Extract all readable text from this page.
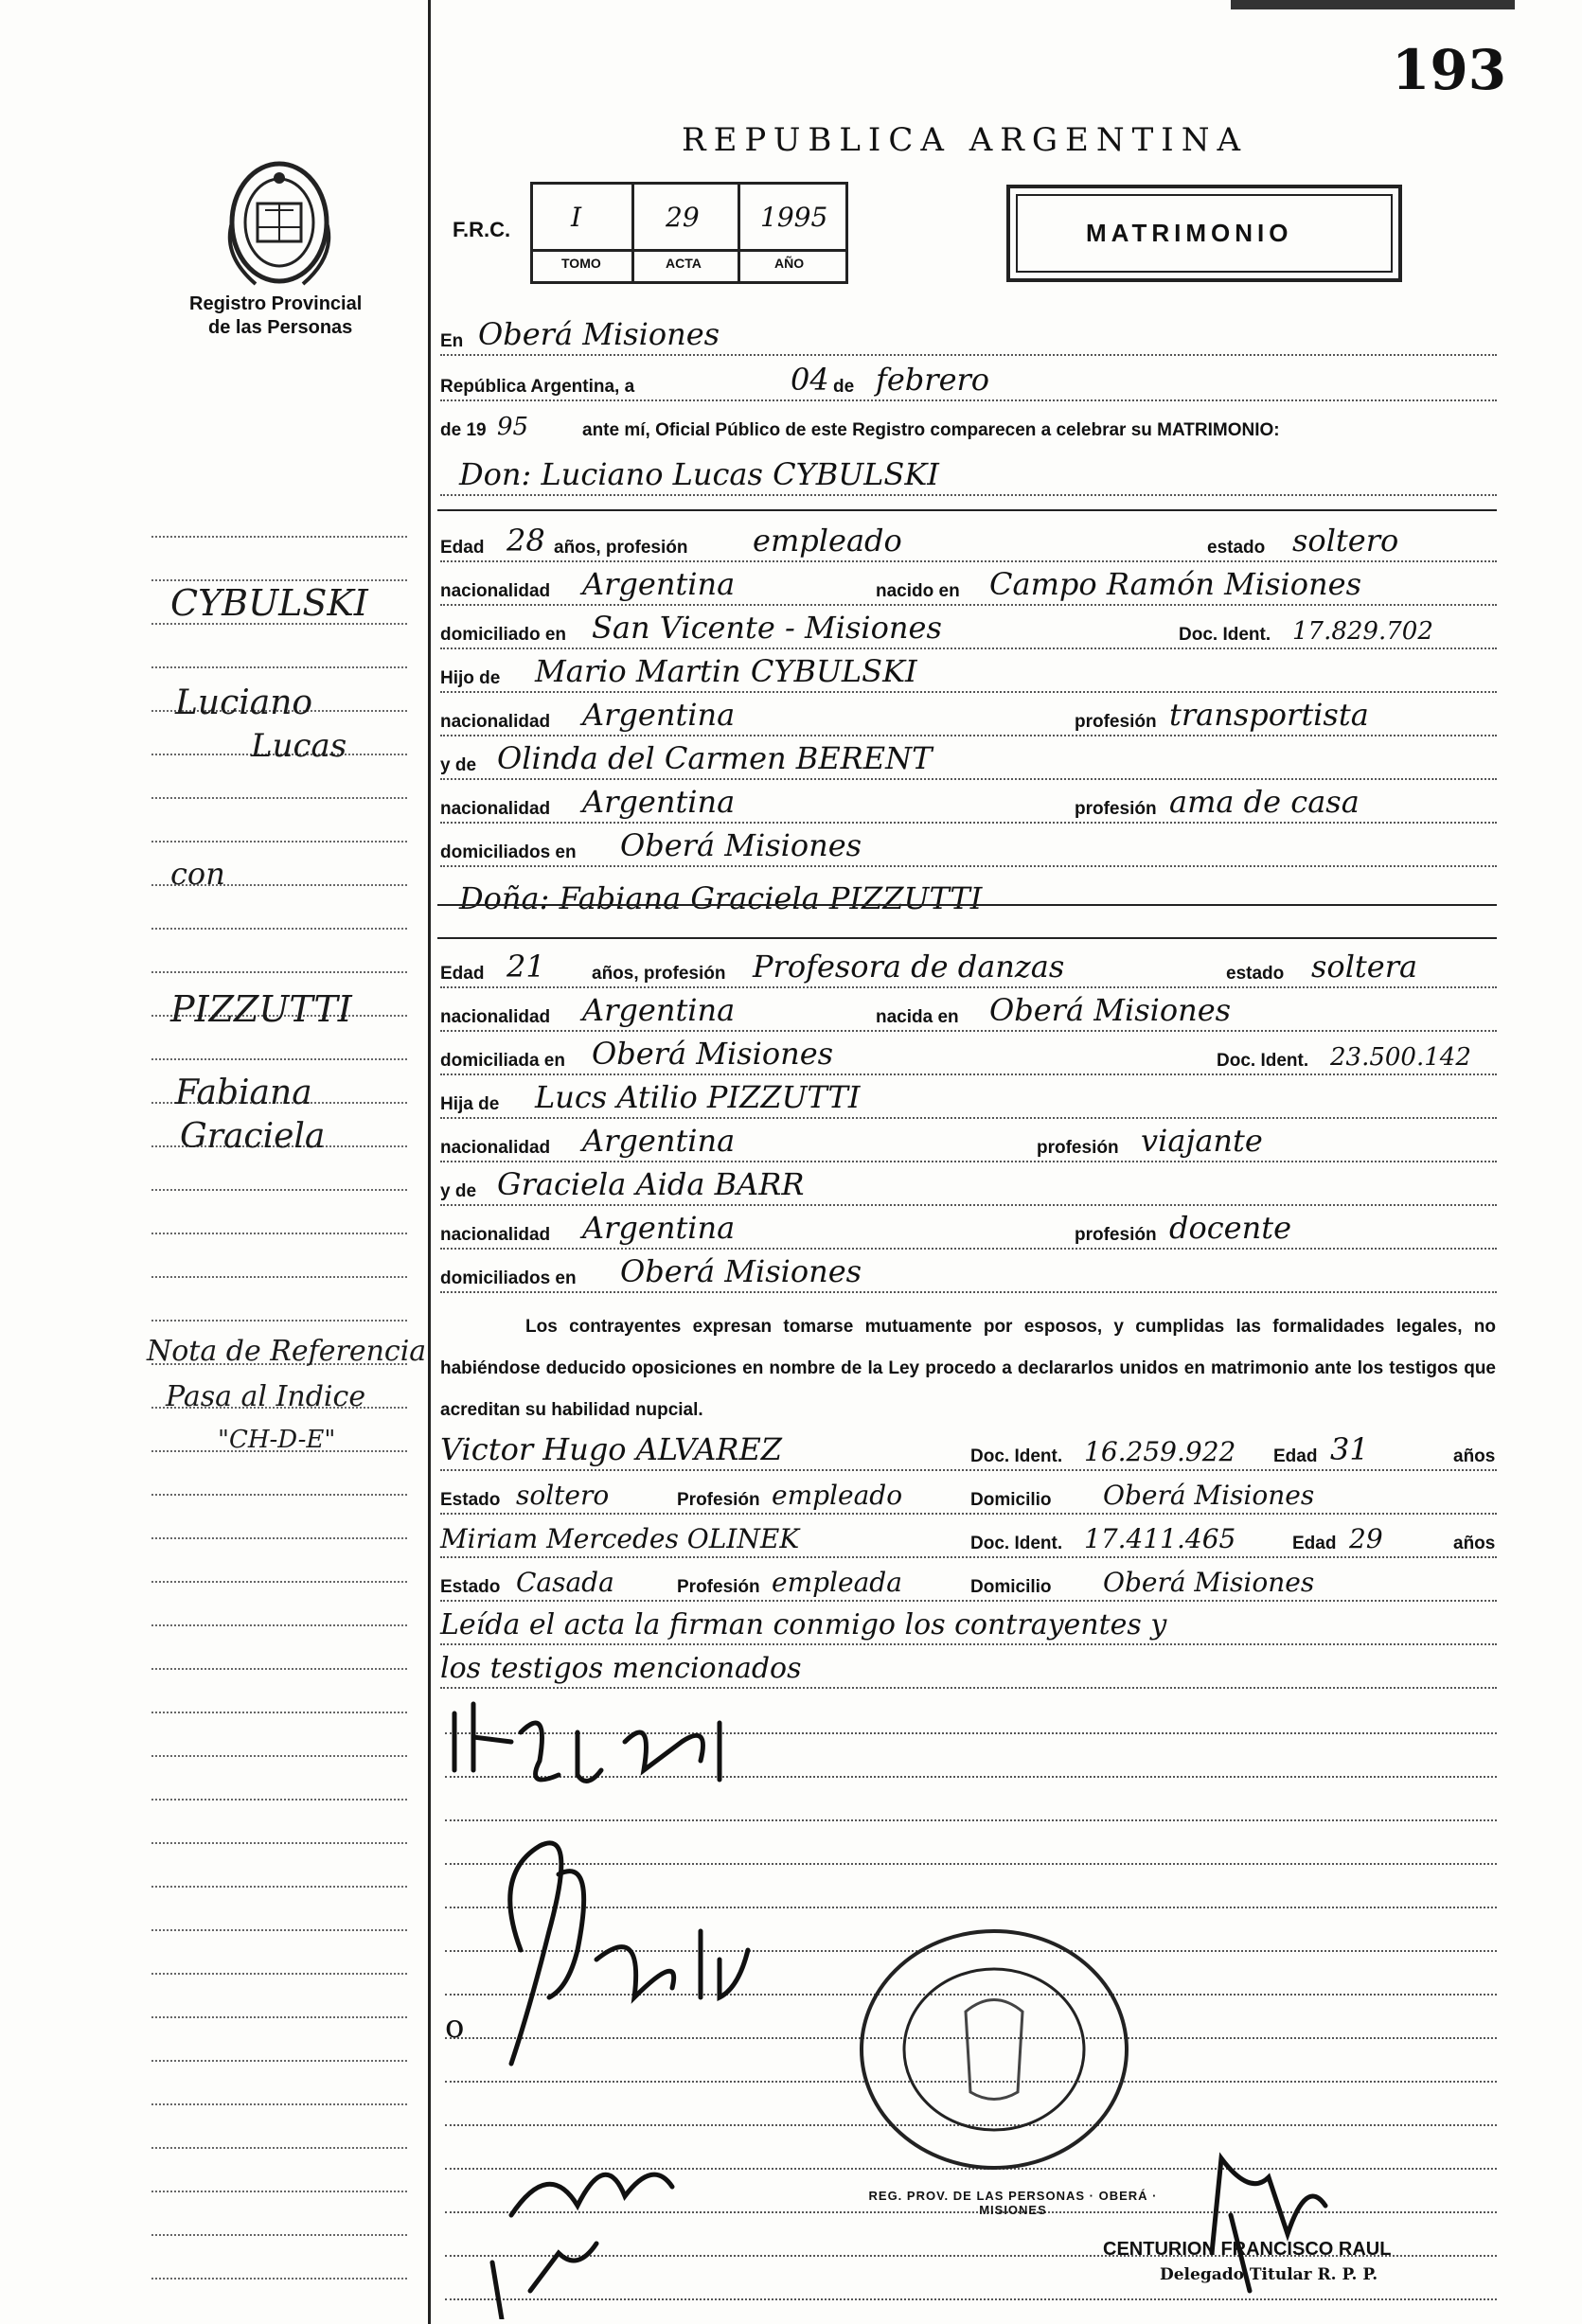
193
Registro Provincial
de las Personas
REPUBLICA ARGENTINA
F.R.C. I	29 1995
TOMO	ACTA	AÑO
MATRIMONIO
En Oberá Misiones
República Argentina, a	04 de febrero
de 19 95	ante mí, Oficial Público de este Registro comparecen a celebrar su MATRIMONIO:
Don: Luciano Lucas CYBULSKI
Edad 28 años, profesión empleado	estado soltero
nacionalidad Argentina	nacido en Campo Ramón Misiones
domiciliado en San Vicente - Misiones	Doc. Ident. 17.829.702
Hijo de Mario Martin CYBULSKI
nacionalidad Argentina	profesión transportista
y de Olinda del Carmen BERENT
nacionalidad Argentina	profesión ama de casa
domiciliados en Oberá Misiones
Doña: Fabiana Graciela PIZZUTTI
Edad 21	años, profesión Profesora de danzas	estado soltera
nacionalidad Argentina	nacida en Oberá Misiones
domiciliada en Oberá Misiones	Doc. Ident. 23.500.142
Hija de Lucs Atilio PIZZUTTI
nacionalidad Argentina	profesión viajante
y de Graciela Aida BARR
nacionalidad Argentina	profesión docente
domiciliados en Oberá Misiones
Los contrayentes expresan tomarse mutuamente por esposos, y cumplidas las formalidades legales, no habiéndose deducido oposiciones en nombre de la Ley procedo a declararlos unidos en matrimonio ante los testigos que acreditan su habilidad nupcial.
Victor Hugo ALVAREZ	Doc. Ident. 16.259.922 Edad 31	años
Estado soltero	Profesión empleado	Domicilio Oberá Misiones
Miriam Mercedes OLINEK	Doc. Ident. 17.411.465	Edad 29	años
Estado Casada	Profesión empleada	Domicilio Oberá Misiones
Leída el acta la firman conmigo los contrayentes y
los testigos mencionados
o
REG. PROV. DE LAS PERSONAS · OBERÁ · MISIONES
CENTURION FRANCISCO RAUL
Delegado Titular R. P. P.
CYBULSKI
Luciano
Lucas
con
PIZZUTTI
Fabiana
Graciela
Nota de Referencia
Pasa al Indice
"CH-D-E"
